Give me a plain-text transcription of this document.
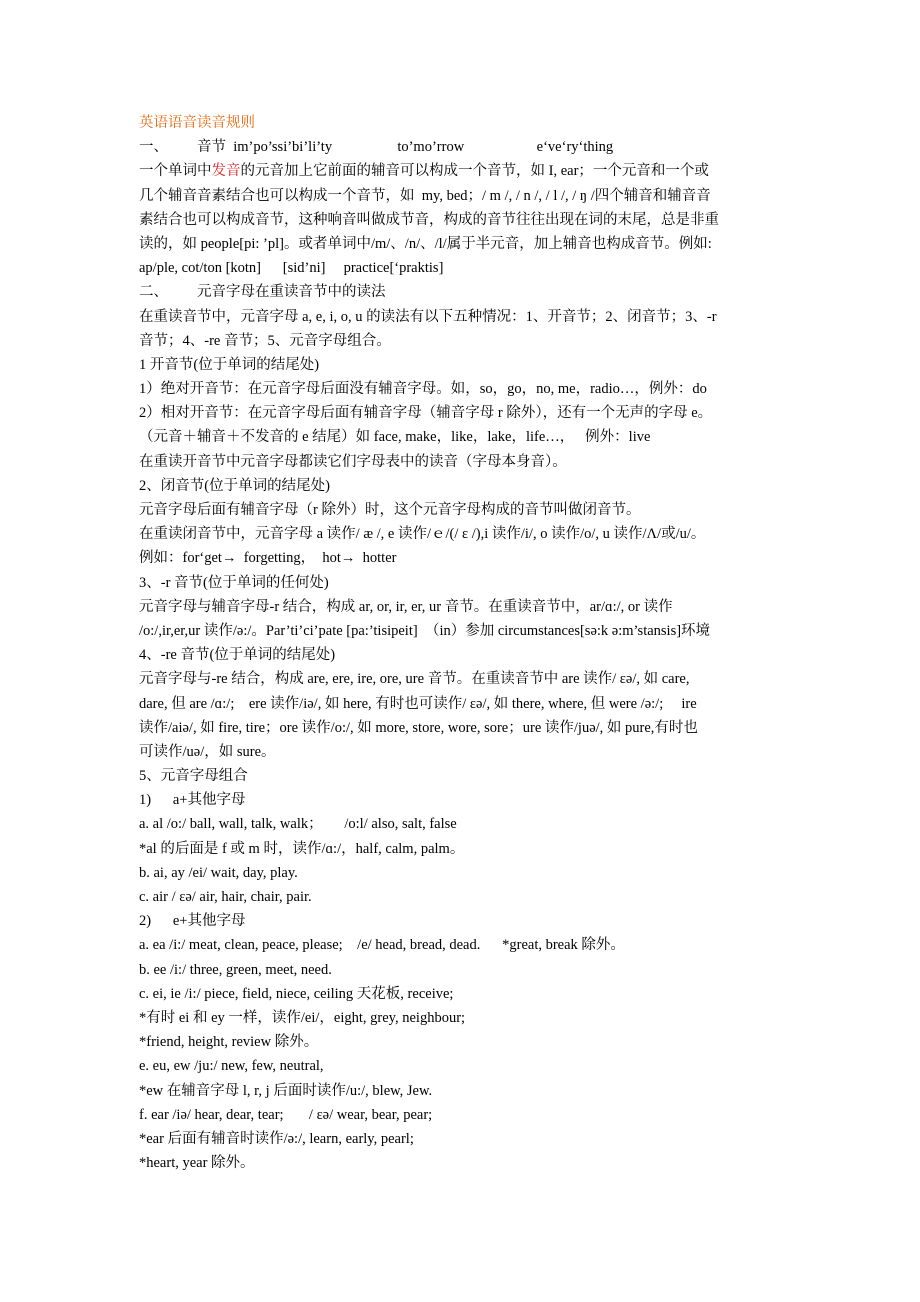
英语语音读音规则
一、        音节  im’po’ssi’bi’li’ty                  to’mo’rrow                    e‘ve‘ry‘thing
一个单词中发音的元音加上它前面的辅音可以构成一个音节，如 I, ear；一个元音和一个或
几个辅音音素结合也可以构成一个音节，如  my, bed；/ m /, / n /, / l /, / ŋ /四个辅音和辅音音
素结合也可以构成音节，这种响音叫做成节音，构成的音节往往出现在词的末尾，总是非重
读的，如 people[pi: ’pl]。或者单词中/m/、/n/、/l/属于半元音，加上辅音也构成音节。例如:
ap/ple, cot/ton [kotn]      [sid’ni]     practice[‘praktis]
二、        元音字母在重读音节中的读法
在重读音节中，元音字母 a, e, i, o, u 的读法有以下五种情况：1、开音节；2、闭音节；3、-r
音节；4、-re 音节；5、元音字母组合。
1 开音节(位于单词的结尾处)
1）绝对开音节：在元音字母后面没有辅音字母。如，so，go，no, me，radio…，例外：do
2）相对开音节：在元音字母后面有辅音字母（辅音字母 r 除外），还有一个无声的字母 e。
（元音＋辅音＋不发音的 e 结尾）如 face, make，like，lake，life…，   例外：live
在重读开音节中元音字母都读它们字母表中的读音（字母本身音）。
2、闭音节(位于单词的结尾处)
元音字母后面有辅音字母（r 除外）时，这个元音字母构成的音节叫做闭音节。
在重读闭音节中，元音字母 a 读作/ æ /, e 读作/ｅ/(/ ε /),i 读作/i/, o 读作/o/, u 读作/Λ/或/u/。
例如：for‘get→  forgetting，  hot→  hotter
3、-r 音节(位于单词的任何处)
元音字母与辅音字母-r 结合，构成 ar, or, ir, er, ur 音节。在重读音节中，ar/ɑ:/, or 读作
/o:/,ir,er,ur 读作/ə:/。Par’ti’ci’pate [pa:’tisipeit]  （in）参加 circumstances[sə:k ə:m’stansis]环境
4、-re 音节(位于单词的结尾处)
元音字母与-re 结合，构成 are, ere, ire, ore, ure 音节。在重读音节中 are 读作/ εə/, 如 care,
dare, 但 are /ɑ:/;    ere 读作/iə/, 如 here, 有时也可读作/ εə/, 如 there, where, 但 were /ə:/;     ire
读作/aiə/, 如 fire, tire；ore 读作/o:/, 如 more, store, wore, sore；ure 读作/juə/, 如 pure,有时也
可读作/uə/，如 sure。
5、元音字母组合
1)      a+其他字母
a. al /o:/ ball, wall, talk, walk；      /o:l/ also, salt, false
*al 的后面是 f 或 m 时，读作/ɑ:/，half, calm, palm。
b. ai, ay /ei/ wait, day, play.
c. air / εə/ air, hair, chair, pair.
2)      e+其他字母
a. ea /i:/ meat, clean, peace, please;    /e/ head, bread, dead.      *great, break 除外。
b. ee /i:/ three, green, meet, need.
c. ei, ie /i:/ piece, field, niece, ceiling 天花板, receive;
*有时 ei 和 ey 一样，读作/ei/，eight, grey, neighbour;
*friend, height, review 除外。
e. eu, ew /ju:/ new, few, neutral,
*ew 在辅音字母 l, r, j 后面时读作/u:/, blew, Jew.
f. ear /iə/ hear, dear, tear;       / εə/ wear, bear, pear;
*ear 后面有辅音时读作/ə:/, learn, early, pearl;
*heart, year 除外。
